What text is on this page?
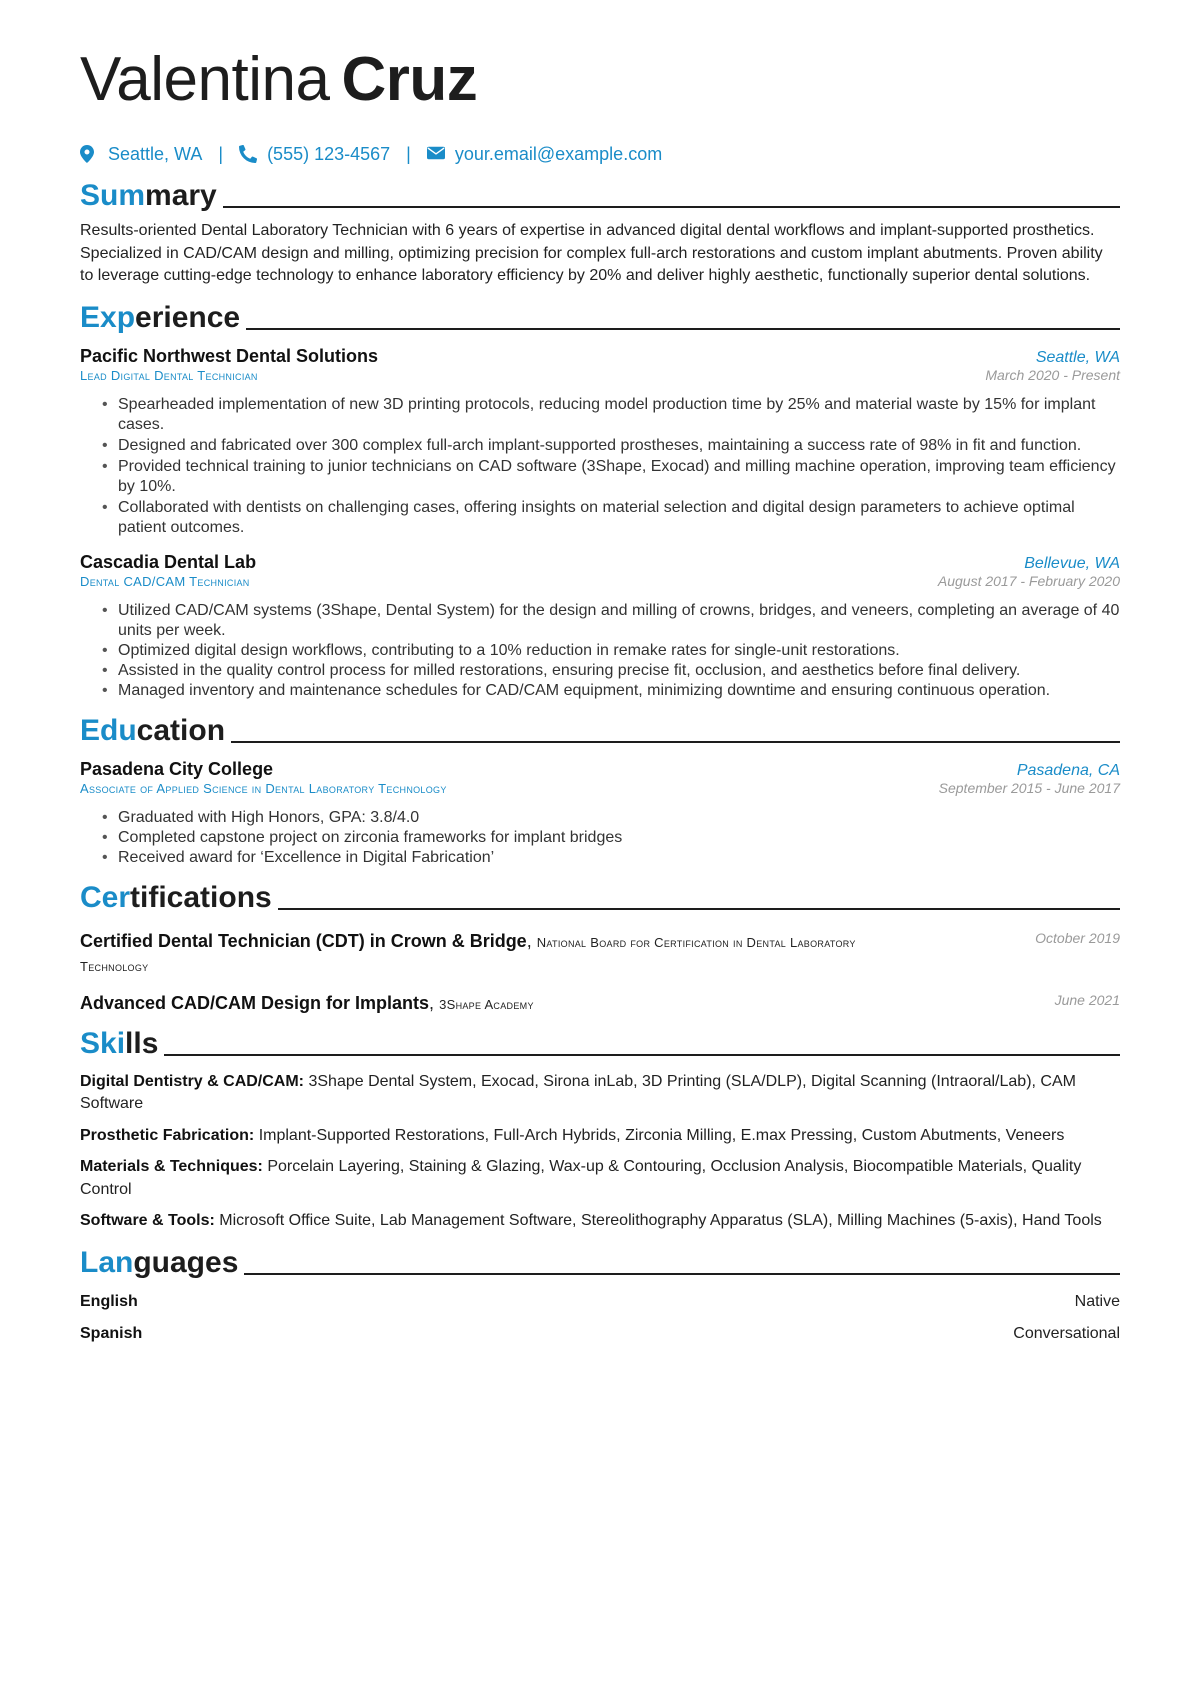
Valentina Cruz
Seattle, WA | (555) 123-4567 | your.email@example.com
Summary
Results-oriented Dental Laboratory Technician with 6 years of expertise in advanced digital dental workflows and implant-supported prosthetics. Specialized in CAD/CAM design and milling, optimizing precision for complex full-arch restorations and custom implant abutments. Proven ability to leverage cutting-edge technology to enhance laboratory efficiency by 20% and deliver highly aesthetic, functionally superior dental solutions.
Experience
Pacific Northwest Dental Solutions	Seattle, WA
Lead Digital Dental Technician	March 2020 - Present
• Spearheaded implementation of new 3D printing protocols, reducing model production time by 25% and material waste by 15% for implant cases.
• Designed and fabricated over 300 complex full-arch implant-supported prostheses, maintaining a success rate of 98% in fit and function.
• Provided technical training to junior technicians on CAD software (3Shape, Exocad) and milling machine operation, improving team efficiency by 10%.
• Collaborated with dentists on challenging cases, offering insights on material selection and digital design parameters to achieve optimal patient outcomes.
Cascadia Dental Lab	Bellevue, WA
Dental CAD/CAM Technician	August 2017 - February 2020
• Utilized CAD/CAM systems (3Shape, Dental System) for the design and milling of crowns, bridges, and veneers, completing an average of 40 units per week.
• Optimized digital design workflows, contributing to a 10% reduction in remake rates for single-unit restorations.
• Assisted in the quality control process for milled restorations, ensuring precise fit, occlusion, and aesthetics before final delivery.
• Managed inventory and maintenance schedules for CAD/CAM equipment, minimizing downtime and ensuring continuous operation.
Education
Pasadena City College	Pasadena, CA
Associate of Applied Science in Dental Laboratory Technology	September 2015 - June 2017
• Graduated with High Honors, GPA: 3.8/4.0
• Completed capstone project on zirconia frameworks for implant bridges
• Received award for ‘Excellence in Digital Fabrication’
Certifications
Certified Dental Technician (CDT) in Crown & Bridge, National Board for Certification in Dental Laboratory Technology
October 2019
Advanced CAD/CAM Design for Implants, 3Shape Academy	June 2021
Skills
Digital Dentistry & CAD/CAM: 3Shape Dental System, Exocad, Sirona inLab, 3D Printing (SLA/DLP), Digital Scanning (Intraoral/Lab), CAM Software
Prosthetic Fabrication: Implant-Supported Restorations, Full-Arch Hybrids, Zirconia Milling, E.max Pressing, Custom Abutments, Veneers
Materials & Techniques: Porcelain Layering, Staining & Glazing, Wax-up & Contouring, Occlusion Analysis, Biocompatible Materials, Quality Control
Software & Tools: Microsoft Office Suite, Lab Management Software, Stereolithography Apparatus (SLA), Milling Machines (5-axis), Hand Tools
Languages
English	Native
Spanish	Conversational
